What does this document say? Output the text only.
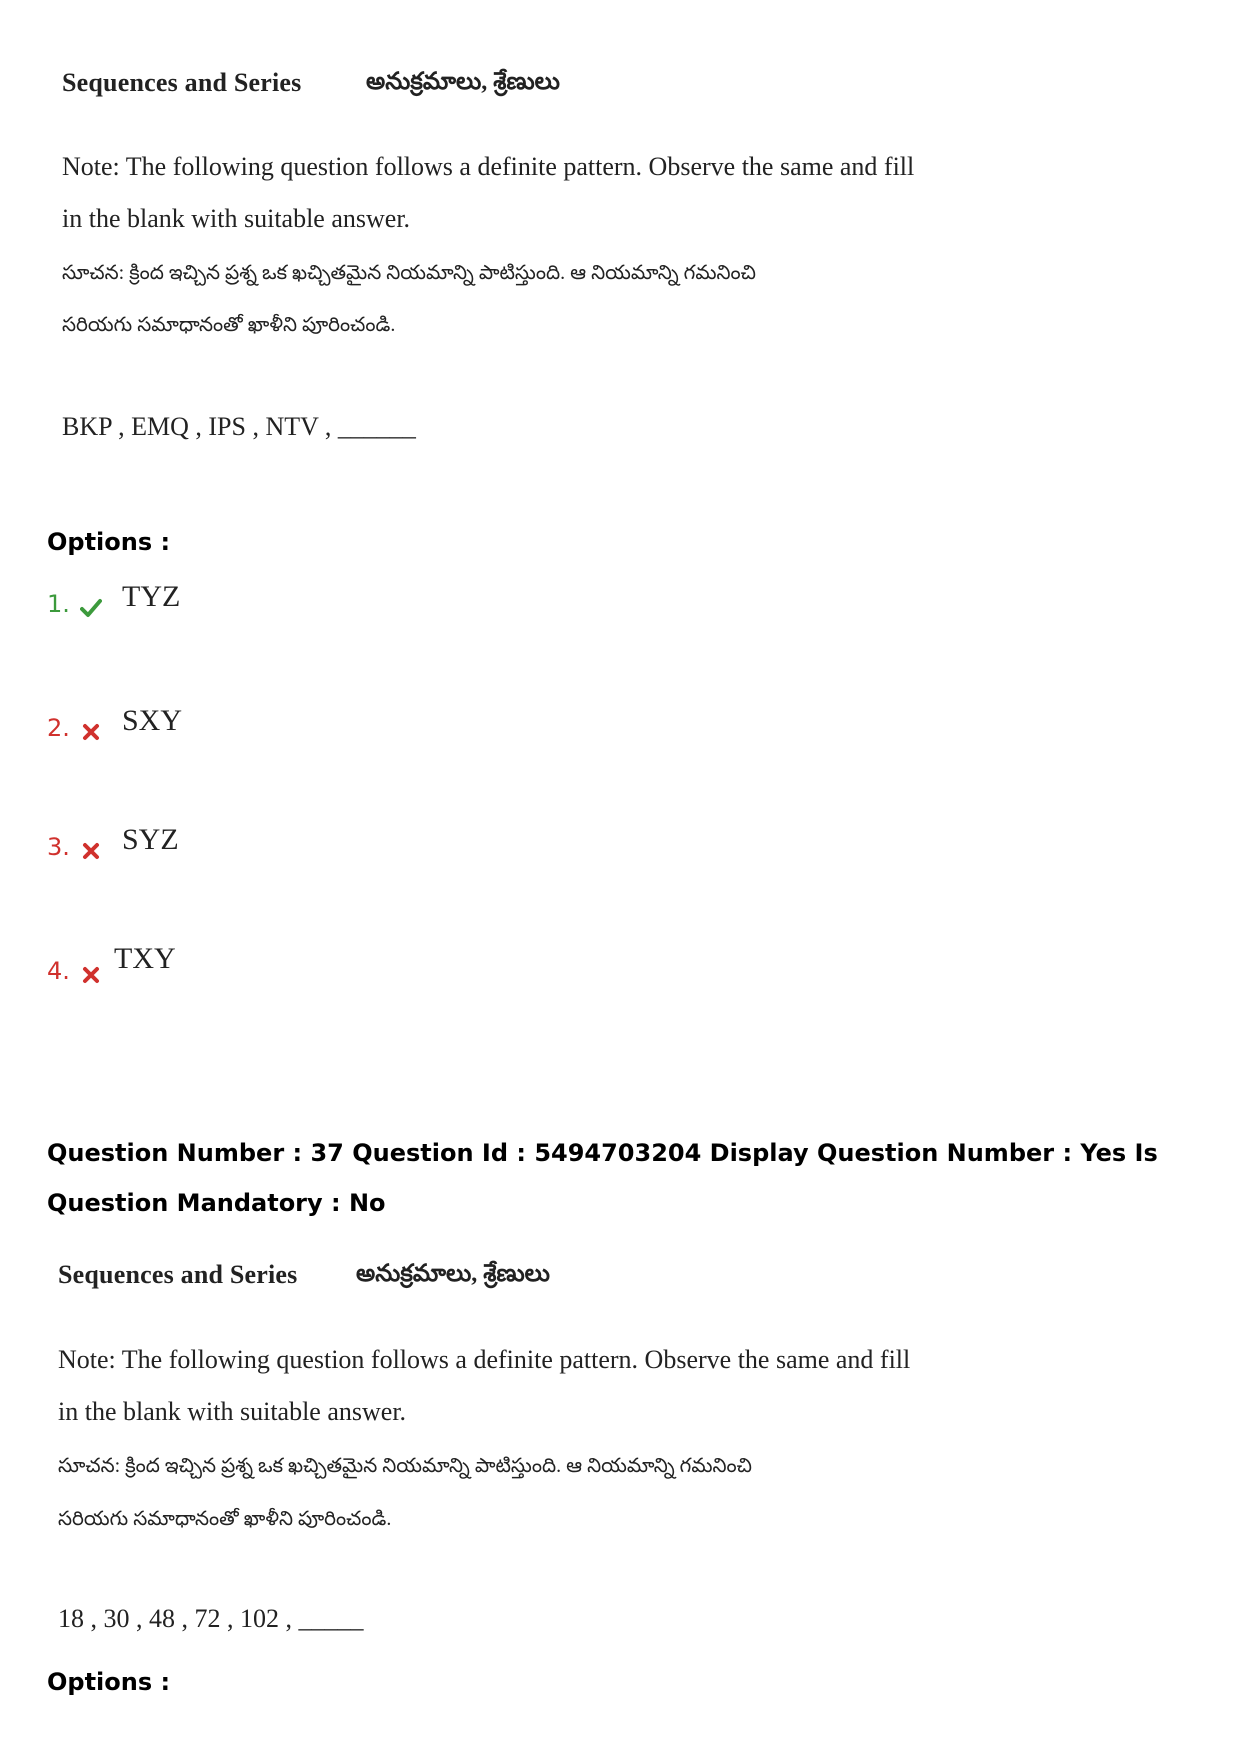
Sequences and Series	అనుక్రమాలు, శ్రేణులు
Note: The following question follows a definite pattern. Observe the same and fill
in the blank with suitable answer.
సూచన: క్రింద ఇచ్చిన ప్రశ్న ఒక ఖచ్చితమైన నియమాన్ని పాటిస్తుంది. ఆ నియమాన్ని గమనించి
సరియగు సమాధానంతో ఖాళీని పూరించండి.
BKP , EMQ , IPS , NTV , ______
Options :
1.	TYZ
2.	SXY
3.	SYZ
4.	TXY
Question Number : 37 Question Id : 5494703204 Display Question Number : Yes Is Question Mandatory : No
Sequences and Series అనుక్రమాలు, శ్రేణులు
Note: The following question follows a definite pattern. Observe the same and fill
in the blank with suitable answer.
సూచన: క్రింద ఇచ్చిన ప్రశ్న ఒక ఖచ్చితమైన నియమాన్ని పాటిస్తుంది. ఆ నియమాన్ని గమనించి
సరియగు సమాధానంతో ఖాళీని పూరించండి.
18 , 30 , 48 , 72 , 102 , _____
Options :
